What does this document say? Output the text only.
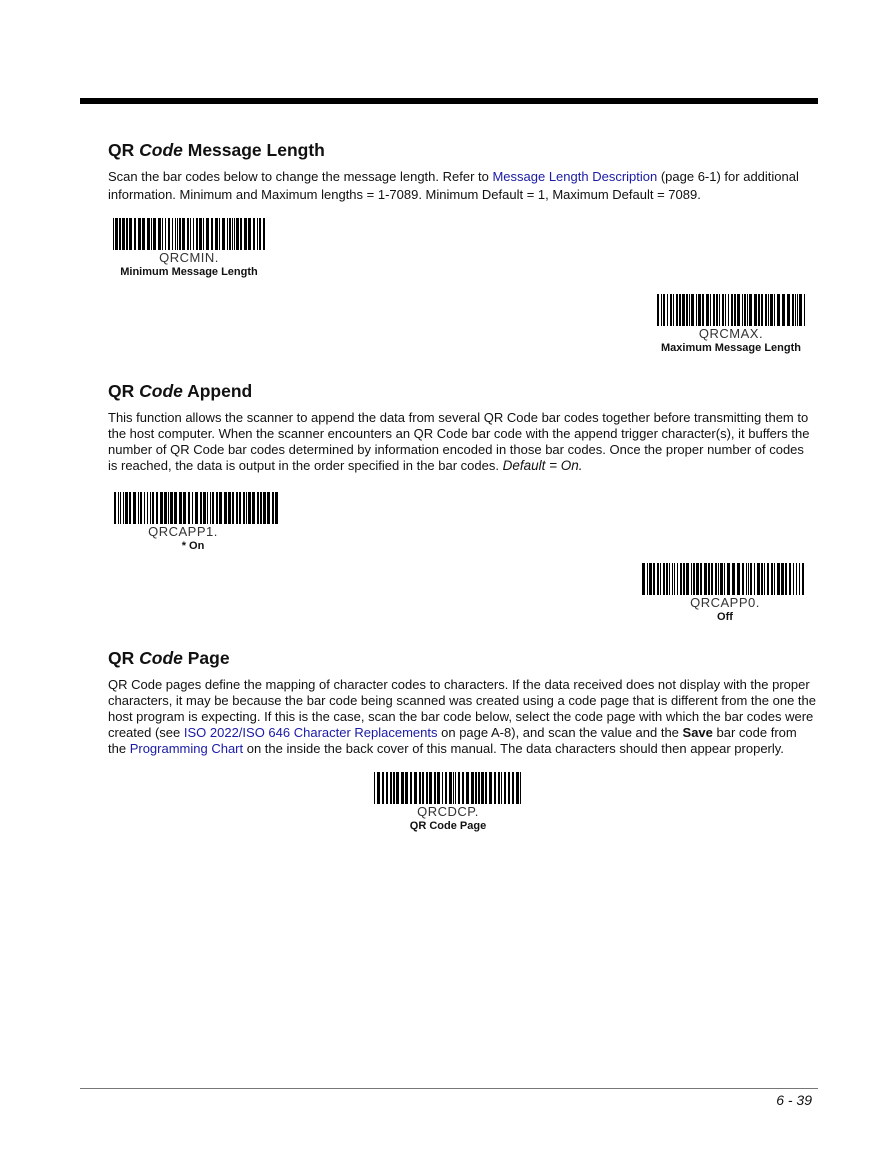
QR Code Message Length

Scan the bar codes below to change the message length. Refer to Message Length Description (page 6-1) for additional information. Minimum and Maximum lengths = 1-7089. Minimum Default = 1, Maximum Default = 7089.

QRCMIN.
Minimum Message Length
QRCMAX.
Maximum Message Length
QR Code Append

This function allows the scanner to append the data from several QR Code bar codes together before transmitting them to the host computer. When the scanner encounters an QR Code bar code with the append trigger character(s), it buffers the number of QR Code bar codes determined by information encoded in those bar codes. Once the proper number of codes is reached, the data is output in the order specified in the bar codes. Default = On.

QRCAPP1.
* On
QRCAPP0.
Off
QR Code Page

QR Code pages define the mapping of character codes to characters. If the data received does not display with the proper characters, it may be because the bar code being scanned was created using a code page that is different from the one the host program is expecting. If this is the case, scan the bar code below, select the code page with which the bar codes were created (see ISO 2022/ISO 646 Character Replacements on page A-8), and scan the value and the Save bar code from the Programming Chart on the inside the back cover of this manual. The data characters should then appear properly.

QRCDCP.
QR Code Page
6 - 39
